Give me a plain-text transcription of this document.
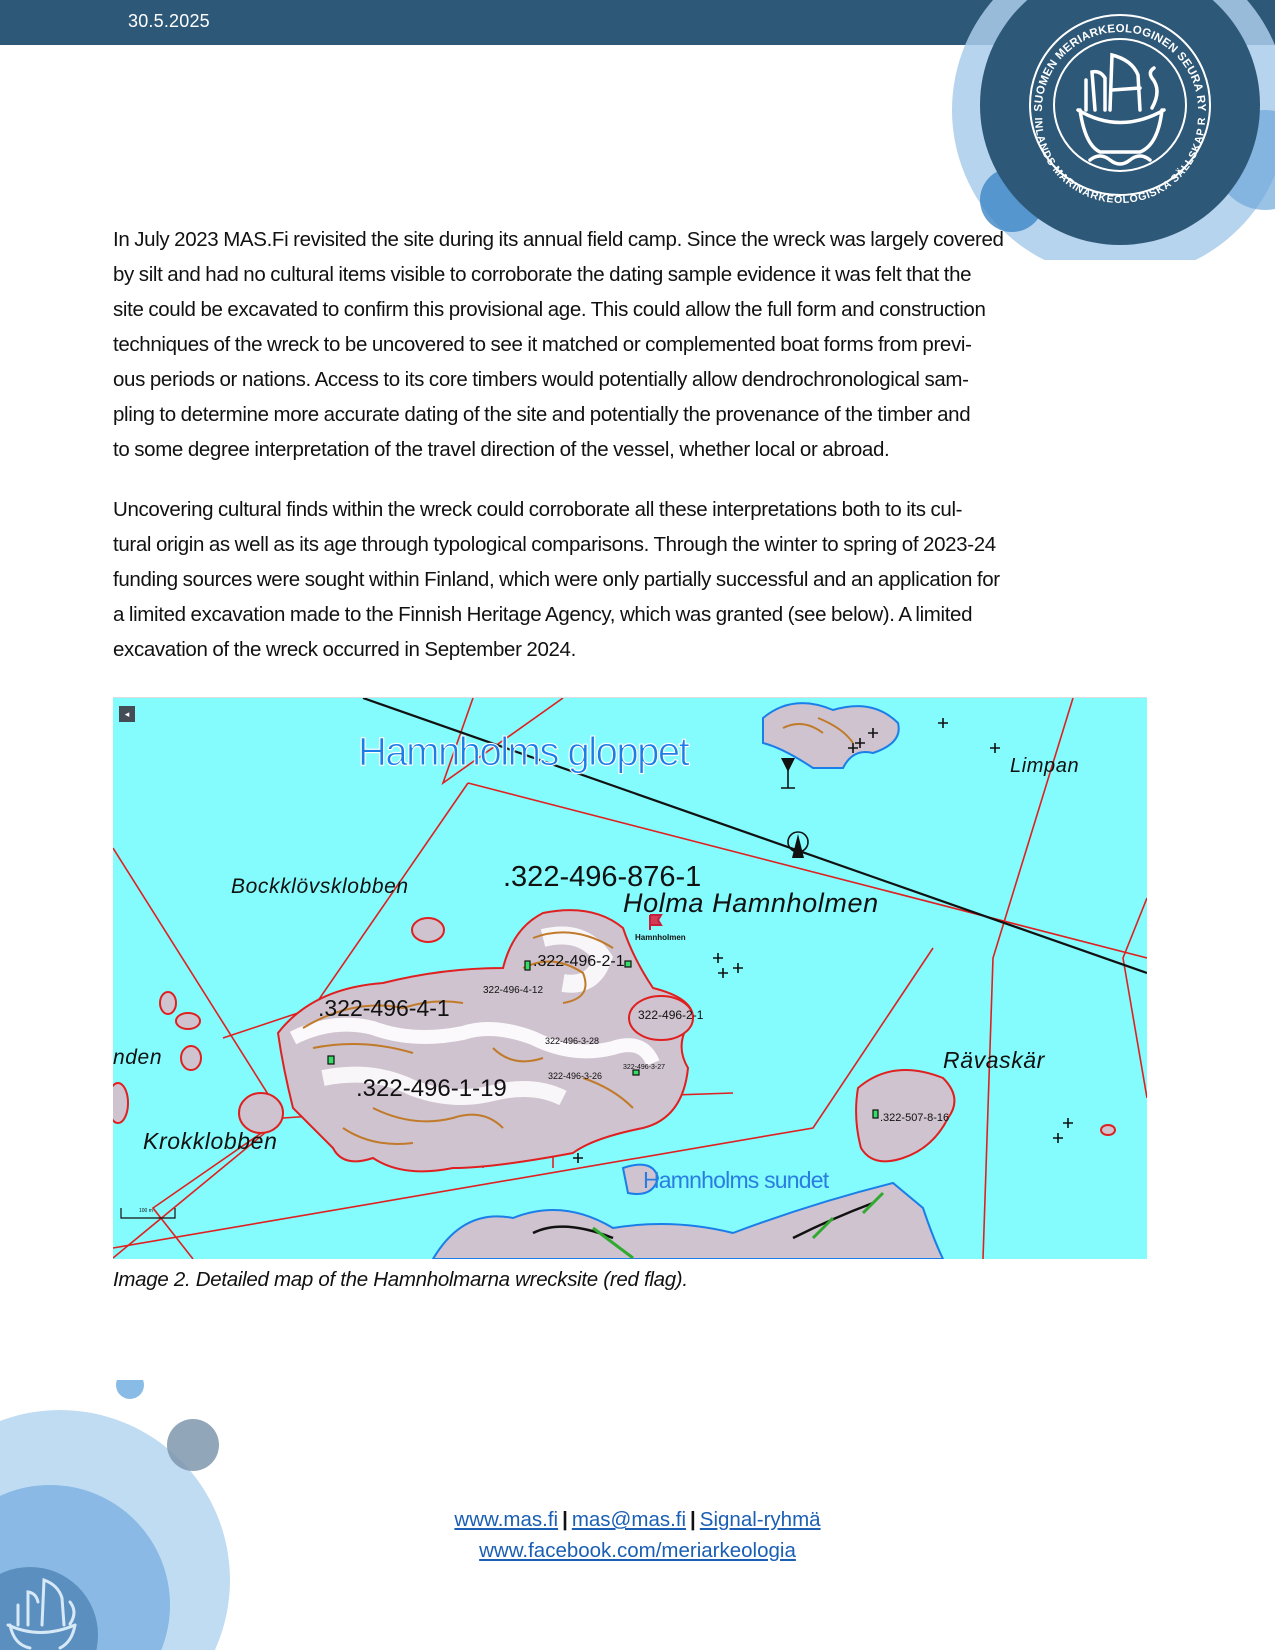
30.5.2025
SUOMEN MERIARKEOLOGINEN SEURA RY
INLANDS MARINARKEOLOGISKA SÄLLSKAP R

In July 2023 MAS.Fi revisited the site during its annual field camp. Since the wreck was largely covered

by silt and had no cultural items visible to corroborate the dating sample evidence it was felt that the

site could be excavated to confirm this provisional age. This could allow the full form and construction

techniques of the wreck to be uncovered to see it matched or complemented boat forms from previ-

ous periods or nations. Access to its core timbers would potentially allow dendrochronological sam-

pling to determine more accurate dating of the site and potentially the provenance of the timber and

to some degree interpretation of the travel direction of the vessel, whether local or abroad.

Uncovering cultural finds within the wreck could corroborate all these interpretations both to its cul-

tural origin as well as its age through typological comparisons. Through the winter to spring of 2023-24

funding sources were sought within Finland, which were only partially successful and an application for

a limited excavation made to the Finnish Heritage Agency, which was granted (see below). A limited

excavation of the wreck occurred in September 2024.

◂
Hamnholms gloppet	Limpan
Bockklövsklobben	.322-496-876-1
Holma Hamnholmen
Hamnholmen
.322-496-2-1
322-496-4-12
.322-496-4-1	322-496-2-1
322-496-3-28
322-496-3-27
322-496-3-26
nden	Rävaskär
.322-496-1-19
Hamnholms sundet
.322-507-8-16
Krokklobben
100 m
Image 2. Detailed map of the Hamnholmarna wrecksite (red flag).
www.mas.fi | mas@mas.fi | Signal-ryhmä
www.facebook.com/meriarkeologia
